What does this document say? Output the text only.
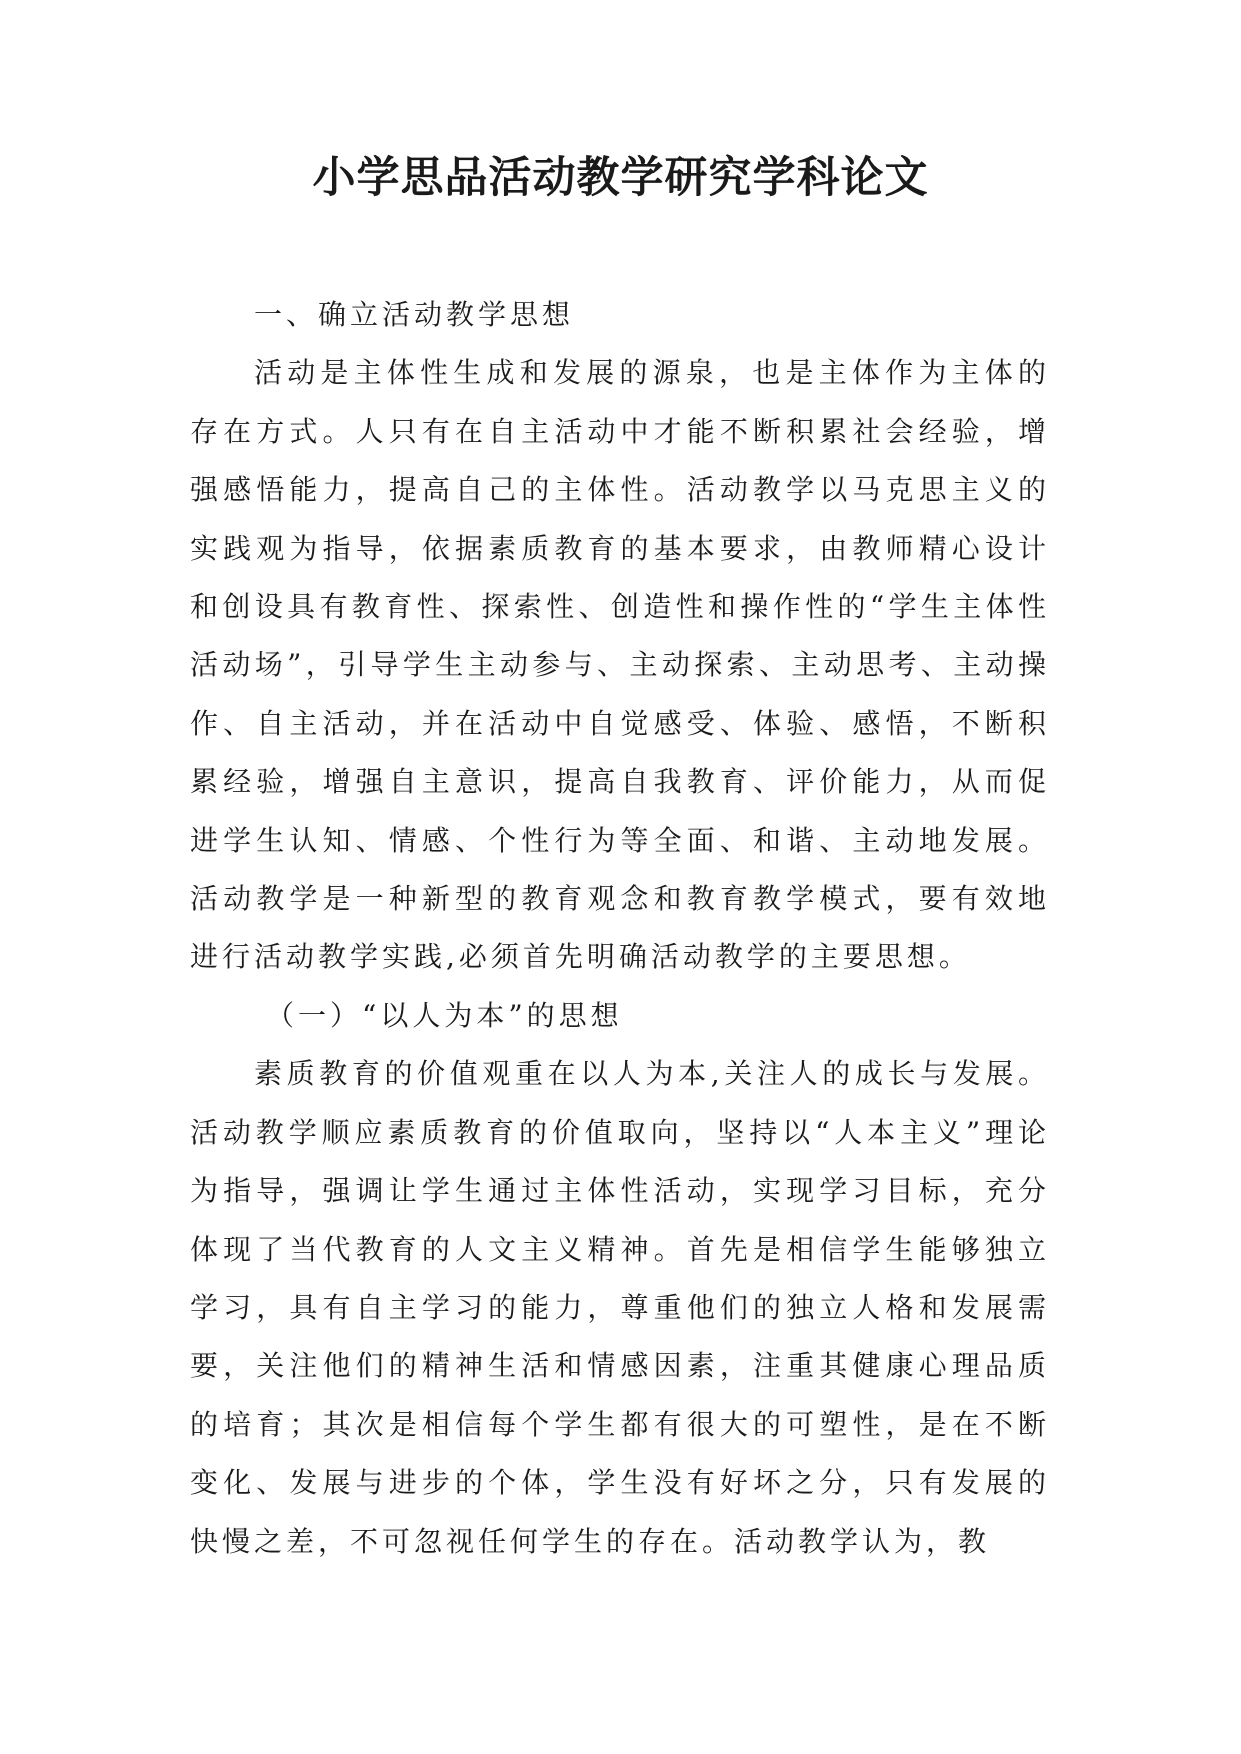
小学思品活动教学研究学科论文

一、确立活动教学思想

活动是主体性生成和发展的源泉，也是主体作为主体的存在方式。人只有在自主活动中才能不断积累社会经验，增强感悟能力，提高自己的主体性。活动教学以马克思主义的实践观为指导，依据素质教育的基本要求，由教师精心设计和创设具有教育性、探索性、创造性和操作性的“学生主体性活动场”，引导学生主动参与、主动探索、主动思考、主动操作、自主活动，并在活动中自觉感受、体验、感悟，不断积累经验，增强自主意识，提高自我教育、评价能力，从而促进学生认知、情感、个性行为等全面、和谐、主动地发展。活动教学是一种新型的教育观念和教育教学模式，要有效地进行活动教学实践,必须首先明确活动教学的主要思想。

（一）“以人为本”的思想

素质教育的价值观重在以人为本,关注人的成长与发展。活动教学顺应素质教育的价值取向，坚持以“人本主义”理论为指导，强调让学生通过主体性活动，实现学习目标，充分体现了当代教育的人文主义精神。首先是相信学生能够独立学习，具有自主学习的能力，尊重他们的独立人格和发展需要，关注他们的精神生活和情感因素，注重其健康心理品质的培育；其次是相信每个学生都有很大的可塑性，是在不断变化、发展与进步的个体，学生没有好坏之分，只有发展的快慢之差，不可忽视任何学生的存在。活动教学认为，教
